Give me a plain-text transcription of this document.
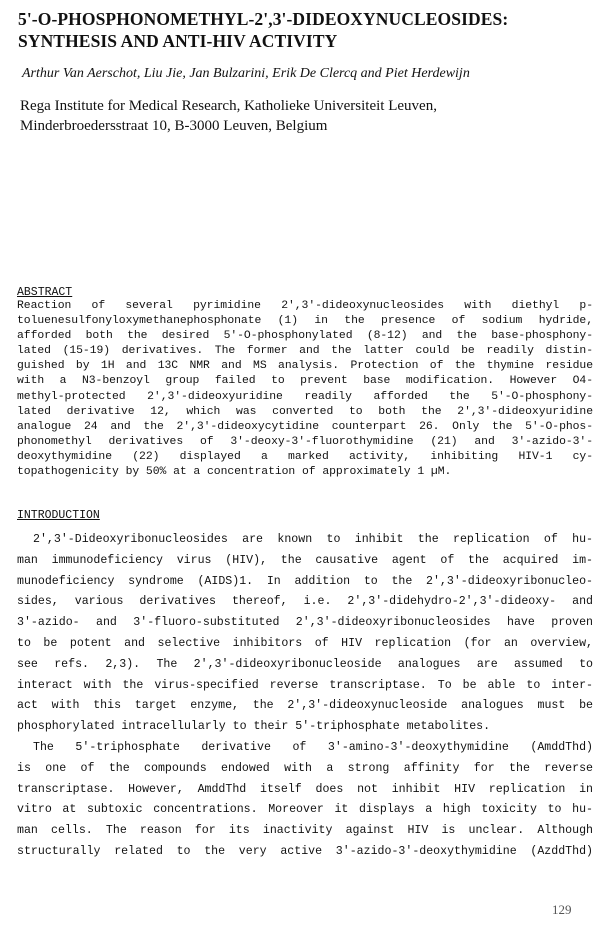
5'-O-PHOSPHONOMETHYL-2',3'-DIDEOXYNUCLEOSIDES:
SYNTHESIS AND ANTI-HIV ACTIVITY
Arthur Van Aerschot, Liu Jie, Jan Bulzarini, Erik De Clercq and Piet Herdewijn
Rega Institute for Medical Research, Katholieke Universiteit Leuven,
Minderbroedersstraat 10, B-3000 Leuven, Belgium
ABSTRACT
Reaction of several pyrimidine 2',3'-dideoxynucleosides with diethyl p-
toluenesulfonyloxymethanephosphonate (1) in the presence of sodium hydride,
afforded both the desired 5'-O-phosphonylated (8-12) and the base-phosphony-
lated (15-19) derivatives. The former and the latter could be readily distin-
guished by 1H and 13C NMR and MS analysis. Protection of the thymine residue
with a N3-benzoyl group failed to prevent base modification. However O4-
methyl-protected 2',3'-dideoxyuridine readily afforded the 5'-O-phosphony-
lated derivative 12, which was converted to both the 2',3'-dideoxyuridine
analogue 24 and the 2',3'-dideoxycytidine counterpart 26. Only the 5'-O-phos-
phonomethyl derivatives of 3'-deoxy-3'-fluorothymidine (21) and 3'-azido-3'-
deoxythymidine (22) displayed a marked activity, inhibiting HIV-1 cy-
topathogenicity by 50% at a concentration of approximately 1 µM.
INTRODUCTION
2',3'-Dideoxyribonucleosides are known to inhibit the replication of hu-
man immunodeficiency virus (HIV), the causative agent of the acquired im-
munodeficiency syndrome (AIDS)1. In addition to the 2',3'-dideoxyribonucleo-
sides, various derivatives thereof, i.e. 2',3'-didehydro-2',3'-dideoxy- and
3'-azido- and 3'-fluoro-substituted 2',3'-dideoxyribonucleosides have proven
to be potent and selective inhibitors of HIV replication (for an overview,
see refs. 2,3). The 2',3'-dideoxyribonucleoside analogues are assumed to
interact with the virus-specified reverse transcriptase. To be able to inter-
act with this target enzyme, the 2',3'-dideoxynucleoside analogues must be
phosphorylated intracellularly to their 5'-triphosphate metabolites.
The 5'-triphosphate derivative of 3'-amino-3'-deoxythymidine (AmddThd)
is one of the compounds endowed with a strong affinity for the reverse
transcriptase. However, AmddThd itself does not inhibit HIV replication in
vitro at subtoxic concentrations. Moreover it displays a high toxicity to hu-
man cells. The reason for its inactivity against HIV is unclear. Although
structurally related to the very active 3'-azido-3'-deoxythymidine (AzddThd)
129
